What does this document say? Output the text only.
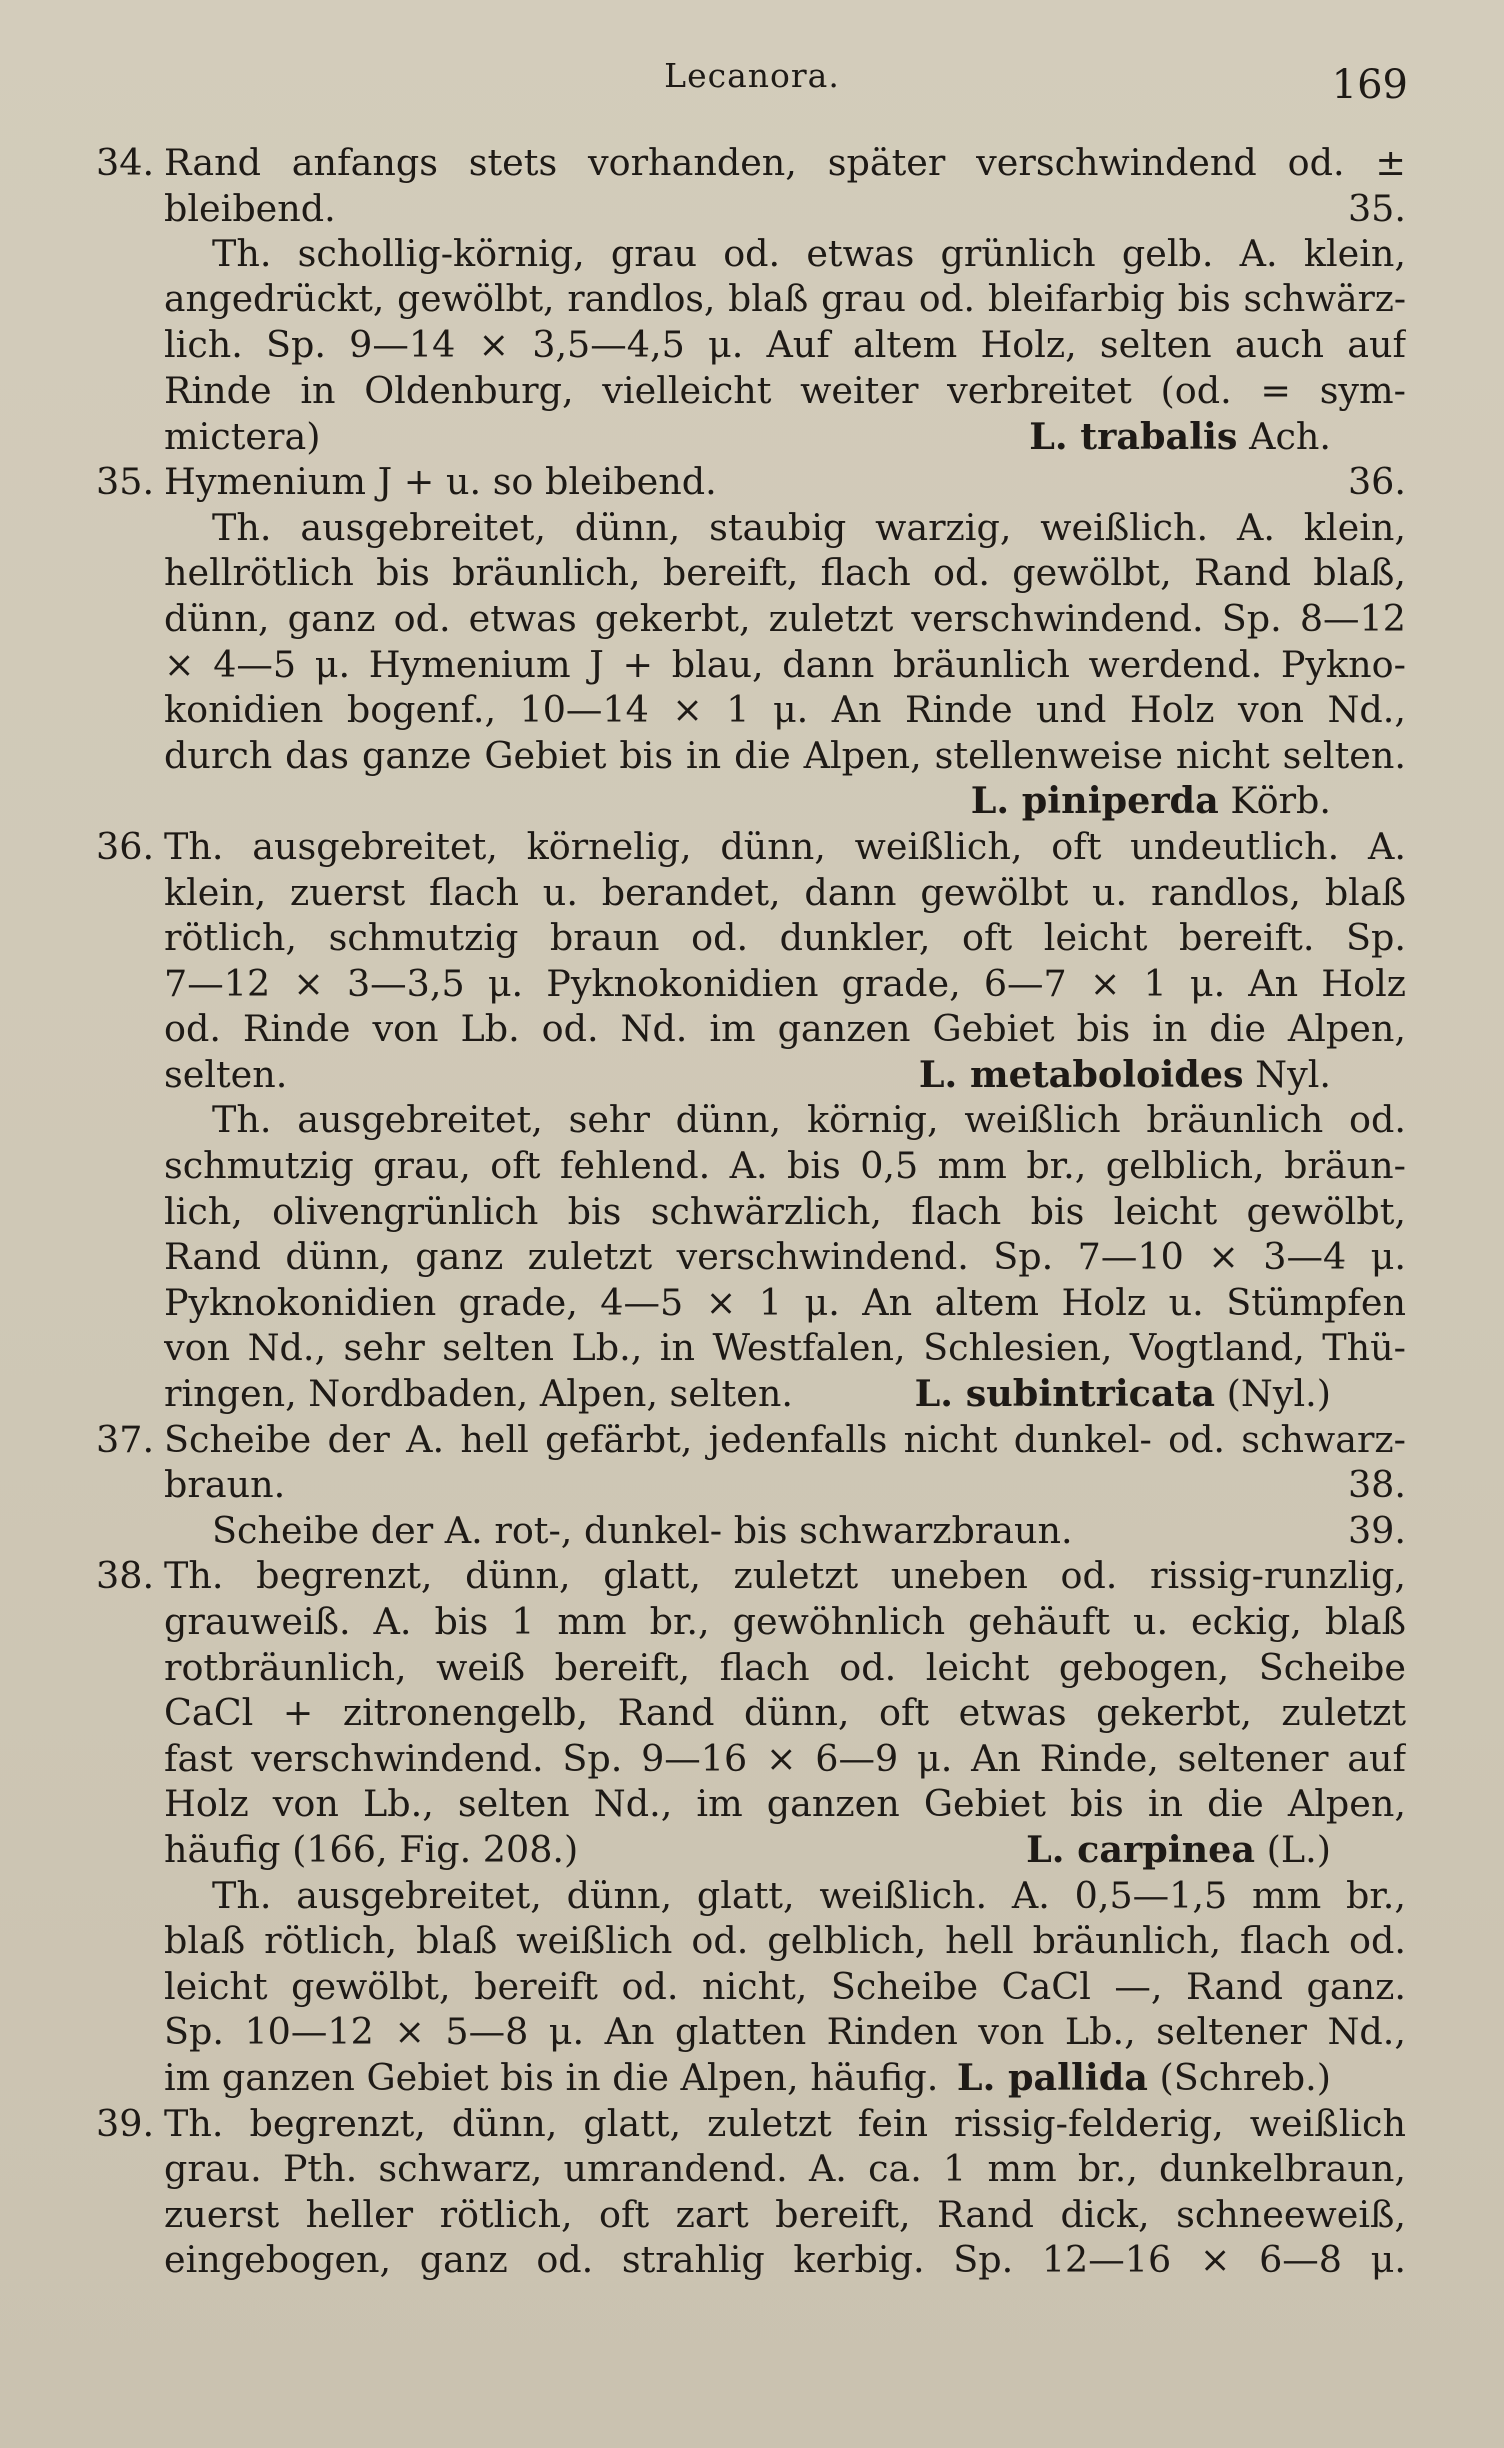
Lecanora.	169
34. Rand anfangs stets vorhanden, später verschwindend od. ±
bleibend.	35.
Th. schollig-körnig, grau od. etwas grünlich gelb. A. klein,
angedrückt, gewölbt, randlos, blaß grau od. bleifarbig bis schwärz-
lich. Sp. 9—14 × 3,5—4,5 μ. Auf altem Holz, selten auch auf
Rinde in Oldenburg, vielleicht weiter verbreitet (od. = sym-
mictera)	L. trabalis Ach.
35. Hymenium J + u. so bleibend.	36.
Th. ausgebreitet, dünn, staubig warzig, weißlich. A. klein,
hellrötlich bis bräunlich, bereift, flach od. gewölbt, Rand blaß,
dünn, ganz od. etwas gekerbt, zuletzt verschwindend. Sp. 8—12
× 4—5 μ. Hymenium J + blau, dann bräunlich werdend. Pykno-
konidien bogenf., 10—14 × 1 μ. An Rinde und Holz von Nd.,
durch das ganze Gebiet bis in die Alpen, stellenweise nicht selten.
L. piniperda Körb.
36. Th. ausgebreitet, körnelig, dünn, weißlich, oft undeutlich. A.
klein, zuerst flach u. berandet, dann gewölbt u. randlos, blaß
rötlich, schmutzig braun od. dunkler, oft leicht bereift. Sp.
7—12 × 3—3,5 μ. Pyknokonidien grade, 6—7 × 1 μ. An Holz
od. Rinde von Lb. od. Nd. im ganzen Gebiet bis in die Alpen,
selten.	L. metaboloides Nyl.
Th. ausgebreitet, sehr dünn, körnig, weißlich bräunlich od.
schmutzig grau, oft fehlend. A. bis 0,5 mm br., gelblich, bräun-
lich, olivengrünlich bis schwärzlich, flach bis leicht gewölbt,
Rand dünn, ganz zuletzt verschwindend. Sp. 7—10 × 3—4 μ.
Pyknokonidien grade, 4—5 × 1 μ. An altem Holz u. Stümpfen
von Nd., sehr selten Lb., in Westfalen, Schlesien, Vogtland, Thü-
ringen, Nordbaden, Alpen, selten.	L. subintricata (Nyl.)
37. Scheibe der A. hell gefärbt, jedenfalls nicht dunkel- od. schwarz-
braun.	38.
Scheibe der A. rot-, dunkel- bis schwarzbraun.	39.
38. Th. begrenzt, dünn, glatt, zuletzt uneben od. rissig-runzlig,
grauweiß. A. bis 1 mm br., gewöhnlich gehäuft u. eckig, blaß
rotbräunlich, weiß bereift, flach od. leicht gebogen, Scheibe
CaCl + zitronengelb, Rand dünn, oft etwas gekerbt, zuletzt
fast verschwindend. Sp. 9—16 × 6—9 μ. An Rinde, seltener auf
Holz von Lb., selten Nd., im ganzen Gebiet bis in die Alpen,
häufig (166, Fig. 208.)	L. carpinea (L.)
Th. ausgebreitet, dünn, glatt, weißlich. A. 0,5—1,5 mm br.,
blaß rötlich, blaß weißlich od. gelblich, hell bräunlich, flach od.
leicht gewölbt, bereift od. nicht, Scheibe CaCl —, Rand ganz.
Sp. 10—12 × 5—8 μ. An glatten Rinden von Lb., seltener Nd.,
im ganzen Gebiet bis in die Alpen, häufig. L. pallida (Schreb.)
39. Th. begrenzt, dünn, glatt, zuletzt fein rissig-felderig, weißlich
grau. Pth. schwarz, umrandend. A. ca. 1 mm br., dunkelbraun,
zuerst heller rötlich, oft zart bereift, Rand dick, schneeweiß,
eingebogen, ganz od. strahlig kerbig. Sp. 12—16 × 6—8 μ.
